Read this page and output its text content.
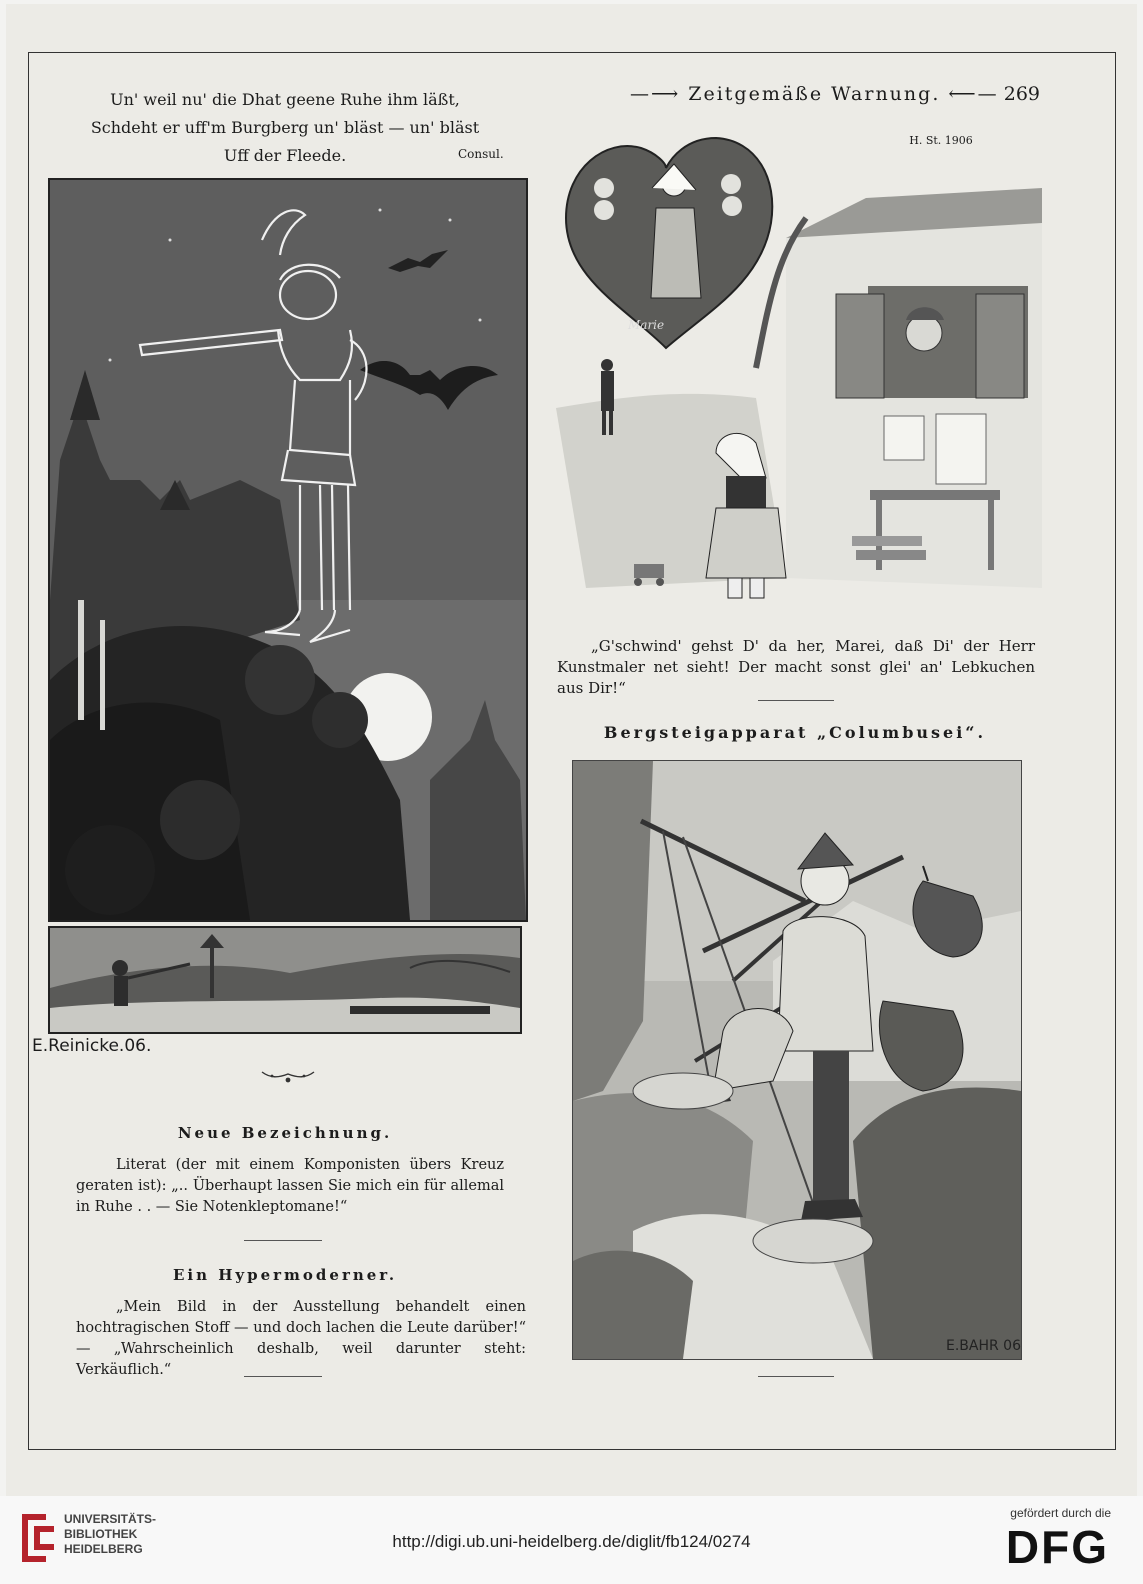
Un' weil nu' die Dhat geene Ruhe ihm läßt,
Schdeht er uff'm Burgberg un' bläst — un' bläst
Uff der Fleede.	Consul.
—⟶ Zeitgemäße Warnung. ⟵— 269
E.Reinicke.06.
Neue Bezeichnung.
Literat (der mit einem Komponisten übers Kreuz geraten ist): „.. Überhaupt lassen Sie mich ein für allemal in Ruhe . . — Sie Notenkleptomane!“
Ein Hypermoderner.
„Mein Bild in der Ausstellung behandelt einen hochtragischen Stoff — und doch lachen die Leute darüber!“ — „Wahrscheinlich deshalb, weil darunter steht: Verkäuflich.“
H. St. 1906
Marie
„G'schwind' gehst D' da her, Marei, daß Di' der Herr Kunstmaler net sieht! Der macht sonst glei' an' Lebkuchen aus Dir!“
Bergsteigapparat „Columbusei“.
E.BAHR 06
UNIVERSITÄTS-
BIBLIOTHEK
HEIDELBERG	http://digi.ub.uni-heidelberg.de/diglit/fb124/0274
gefördert durch die
DFG
